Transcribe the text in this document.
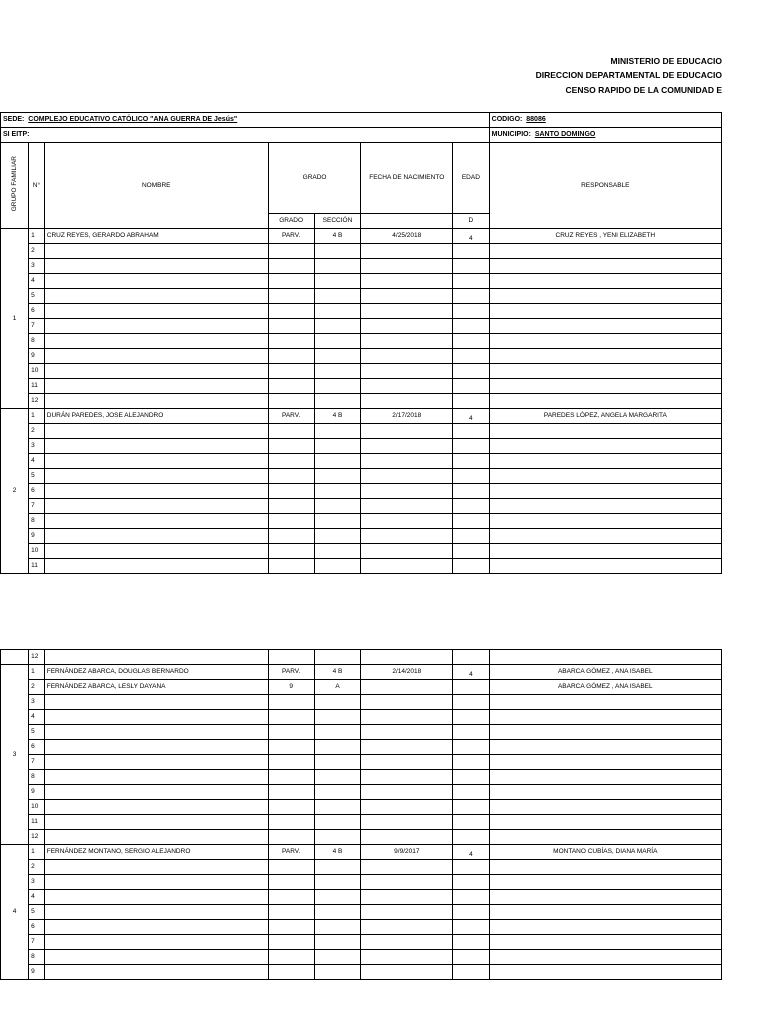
MINISTERIO DE EDUCACIO
DIRECCION DEPARTAMENTAL DE EDUCACIO
CENSO RAPIDO DE LA COMUNIDAD E
SEDE: COMPLEJO EDUCATIVO CATÓLICO "ANA GUERRA DE Jesús"							CODIGO: 88086
SI EITP:							MUNICIPIO: SANTO DOMINGO
GRUPO FAMILIAR	N°	NOMBRE	GRADO		FECHA DE NACIMIENTO	EDAD	RESPONSABLE
			GRADO	SECCIÓN		D	
1	1	CRUZ REYES, GERARDO ABRAHAM	PARV.	4 B	4/25/2018	4	CRUZ REYES , YENI ELIZABETH
	2						
	3						
	4						
	5						
	6						
	7						
	8						
	9						
	10						
	11						
	12						
2	1	DURÁN PAREDES, JOSE ALEJANDRO	PARV.	4 B	2/17/2018	4	PAREDES LÓPEZ, ANGELA MARGARITA
	2						
	3						
	4						
	5						
	6						
	7						
	8						
	9						
	10						
	11						
	12						
3	1	FERNÁNDEZ ABARCA, DOUGLAS BERNARDO	PARV.	4 B	2/14/2018	4	ABARCA GÓMEZ , ANA ISABEL
	2	FERNÁNDEZ ABARCA, LESLY DAYANA	9	A			ABARCA GÓMEZ , ANA ISABEL
	3						
	4						
	5						
	6						
	7						
	8						
	9						
	10						
	11						
	12						
4	1	FERNÁNDEZ MONTANO, SERGIO ALEJANDRO	PARV.	4 B	9/9/2017	4	MONTANO CUBÍAS, DIANA MARÍA
	2						
	3						
	4						
	5						
	6						
	7						
	8						
	9						
